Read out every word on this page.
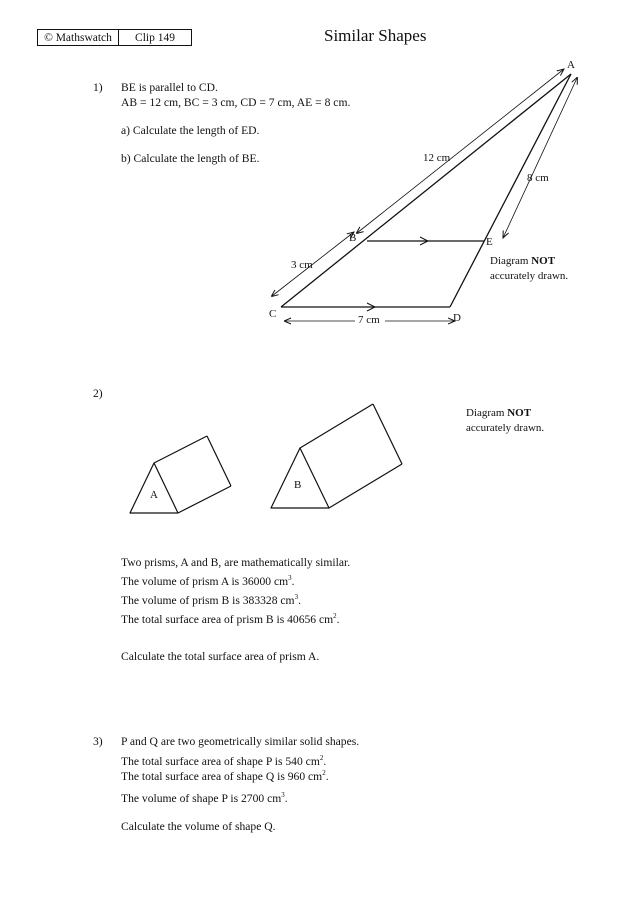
© Mathswatch	Clip 149	Similar Shapes
1) BE is parallel to CD.
AB = 12 cm, BC = 3 cm, CD = 7 cm, AE = 8 cm.
a) Calculate the length of ED.
b) Calculate the length of BE.
A
B
C	D
E
12 cm
8 cm
3 cm
7 cm
Diagram NOT
accurately drawn.
2)
Diagram NOT
accurately drawn.
A
B
Two prisms, A and B, are mathematically similar.
The volume of prism A is 36000 $cm^3$.
The volume of prism B is 383328 $cm^3$.
The total surface area of prism B is 40656 $cm^2$.
Calculate the total surface area of prism A.
3) P and Q are two geometrically similar solid shapes.
The total surface area of shape P is 540 $cm^2$.
The total surface area of shape Q is 960 $cm^2$.
The volume of shape P is 2700 $cm^3$.
Calculate the volume of shape Q.
